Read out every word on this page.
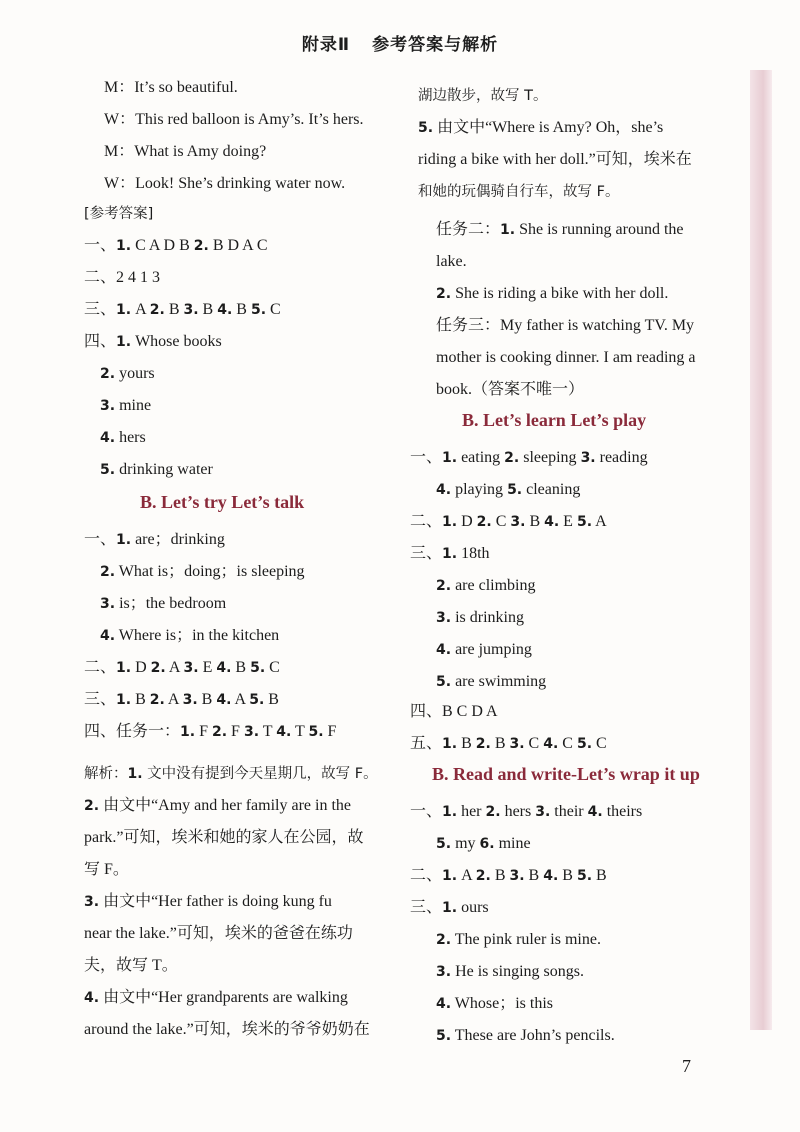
附录Ⅱ 参考答案与解析
M：It’s so beautiful.
W：This red balloon is Amy’s. It’s hers.
M：What is Amy doing?
W：Look! She’s drinking water now.
[参考答案]
一、1. C A D B 2. B D A C
二、2 4 1 3
三、1. A 2. B 3. B 4. B 5. C
四、1. Whose books
2. yours
3. mine
4. hers
5. drinking water
B. Let’s try Let’s talk
一、1. are；drinking
2. What is；doing；is sleeping
3. is；the bedroom
4. Where is；in the kitchen
二、1. D 2. A 3. E 4. B 5. C
三、1. B 2. A 3. B 4. A 5. B
四、任务一：1. F 2. F 3. T 4. T 5. F
解析：1. 文中没有提到今天星期几，故写 F。
2. 由文中“Amy and her family are in the
park.”可知，埃米和她的家人在公园，故
写 F。
3. 由文中“Her father is doing kung fu
near the lake.”可知，埃米的爸爸在练功
夫，故写 T。
4. 由文中“Her grandparents are walking
around the lake.”可知，埃米的爷爷奶奶在
湖边散步，故写 T。
5. 由文中“Where is Amy? Oh，she’s
riding a bike with her doll.”可知，埃米在
和她的玩偶骑自行车，故写 F。
任务二：1. She is running around the
lake.
2. She is riding a bike with her doll.
任务三：My father is watching TV. My
mother is cooking dinner. I am reading a
book.（答案不唯一）
B. Let’s learn Let’s play
一、1. eating 2. sleeping 3. reading
4. playing 5. cleaning
二、1. D 2. C 3. B 4. E 5. A
三、1. 18th
2. are climbing
3. is drinking
4. are jumping
5. are swimming
四、B C D A
五、1. B 2. B 3. C 4. C 5. C
B. Read and write-Let’s wrap it up
一、1. her 2. hers 3. their 4. theirs
5. my 6. mine
二、1. A 2. B 3. B 4. B 5. B
三、1. ours
2. The pink ruler is mine.
3. He is singing songs.
4. Whose；is this
5. These are John’s pencils.
7
